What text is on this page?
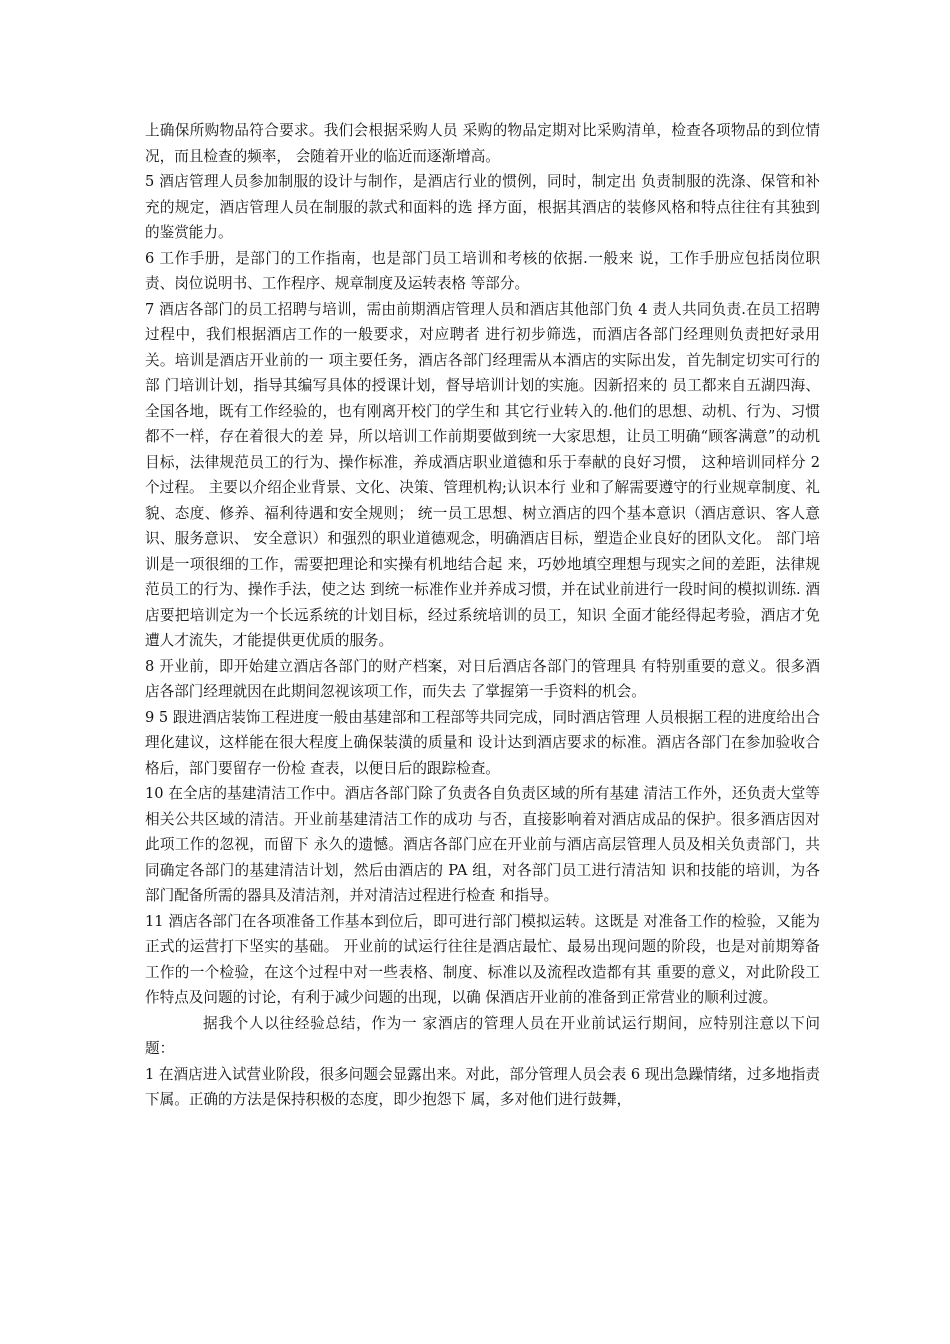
上确保所购物品符合要求。我们会根据采购人员 采购的物品定期对比采购清单，检查各项物品的到位情况，而且检查的频率， 会随着开业的临近而逐渐增高。

5 酒店管理人员参加制服的设计与制作，是酒店行业的惯例，同时，制定出 负责制服的洗涤、保管和补充的规定，酒店管理人员在制服的款式和面料的选 择方面，根据其酒店的装修风格和特点往往有其独到的鉴赏能力。

6 工作手册，是部门的工作指南，也是部门员工培训和考核的依据.一般来 说，工作手册应包括岗位职责、岗位说明书、工作程序、规章制度及运转表格 等部分。

7 酒店各部门的员工招聘与培训，需由前期酒店管理人员和酒店其他部门负 4 责人共同负责.在员工招聘过程中，我们根据酒店工作的一般要求，对应聘者 进行初步筛选，而酒店各部门经理则负责把好录用关。培训是酒店开业前的一 项主要任务，酒店各部门经理需从本酒店的实际出发，首先制定切实可行的部 门培训计划，指导其编写具体的授课计划，督导培训计划的实施。因新招来的 员工都来自五湖四海、全国各地，既有工作经验的，也有刚离开校门的学生和 其它行业转入的.他们的思想、动机、行为、习惯都不一样，存在着很大的差 异，所以培训工作前期要做到统一大家思想，让员工明确“顾客满意”的动机 目标，法律规范员工的行为、操作标准，养成酒店职业道德和乐于奉献的良好习惯， 这种培训同样分 2 个过程。 主要以介绍企业背景、文化、决策、管理机构;认识本行 业和了解需要遵守的行业规章制度、礼貌、态度、修养、福利待遇和安全规则； 统一员工思想、树立酒店的四个基本意识（酒店意识、客人意识、服务意识、 安全意识）和强烈的职业道德观念，明确酒店目标，塑造企业良好的团队文化。 部门培训是一项很细的工作，需要把理论和实操有机地结合起 来，巧妙地填空理想与现实之间的差距，法律规范员工的行为、操作手法，使之达 到统一标准作业并养成习惯，并在试业前进行一段时间的模拟训练. 酒店要把培训定为一个长远系统的计划目标，经过系统培训的员工，知识 全面才能经得起考验，酒店才免遭人才流失，才能提供更优质的服务。

8 开业前，即开始建立酒店各部门的财产档案，对日后酒店各部门的管理具 有特别重要的意义。很多酒店各部门经理就因在此期间忽视该项工作，而失去 了掌握第一手资料的机会。

9 5 跟进酒店装饰工程进度一般由基建部和工程部等共同完成，同时酒店管理 人员根据工程的进度给出合理化建议，这样能在很大程度上确保装潢的质量和 设计达到酒店要求的标准。酒店各部门在参加验收合格后，部门要留存一份检 查表，以便日后的跟踪检查。

10 在全店的基建清洁工作中。酒店各部门除了负责各自负责区域的所有基建 清洁工作外，还负责大堂等相关公共区域的清洁。开业前基建清洁工作的成功 与否，直接影响着对酒店成品的保护。很多酒店因对此项工作的忽视，而留下 永久的遗憾。酒店各部门应在开业前与酒店高层管理人员及相关负责部门，共 同确定各部门的基建清洁计划，然后由酒店的 PA 组，对各部门员工进行清洁知 识和技能的培训，为各部门配备所需的器具及清洁剂，并对清洁过程进行检查 和指导。

11 酒店各部门在各项准备工作基本到位后，即可进行部门模拟运转。这既是 对准备工作的检验，又能为正式的运营打下坚实的基础。 开业前的试运行往往是酒店最忙、最易出现问题的阶段，也是对前期筹备 工作的一个检验，在这个过程中对一些表格、制度、标准以及流程改造都有其 重要的意义，对此阶段工作特点及问题的讨论，有利于减少问题的出现，以确 保酒店开业前的准备到正常营业的顺利过渡。

据我个人以往经验总结，作为一 家酒店的管理人员在开业前试运行期间，应特别注意以下问题：

1 在酒店进入试营业阶段，很多问题会显露出来。对此，部分管理人员会表 6 现出急躁情绪，过多地指责下属。正确的方法是保持积极的态度，即少抱怨下 属，多对他们进行鼓舞，
